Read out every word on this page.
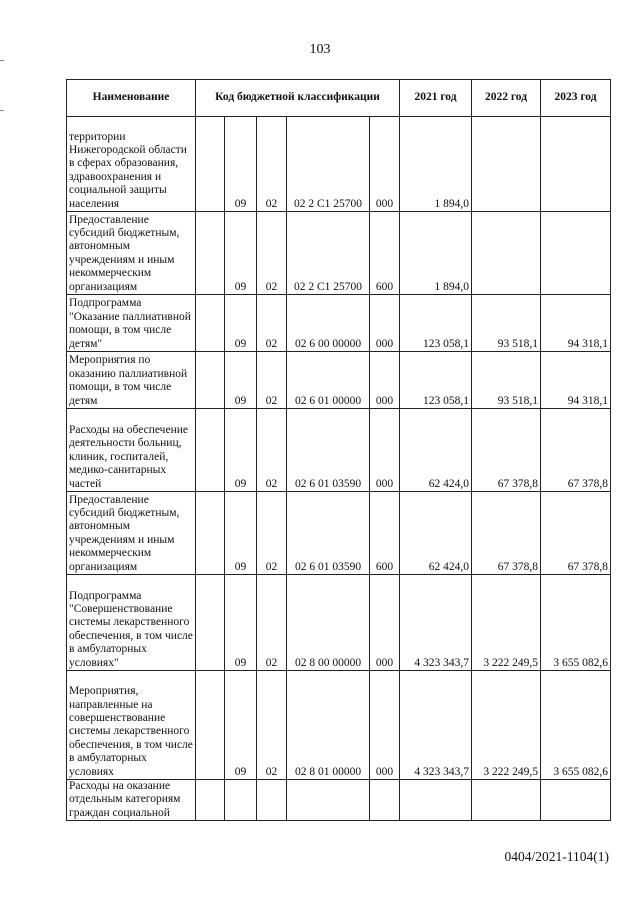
103
Наименование	Код бюджетной классификации					2021 год	2022 год	2023 год
территории Нижегородской области в сферах образования, здравоохранения и социальной защиты населения		09	02	02 2 С1 25700	000	1 894,0		
Предоставление субсидий бюджетным, автономным учреждениям и иным некоммерческим организациям		09	02	02 2 С1 25700	600	1 894,0		
Подпрограмма "Оказание паллиативной помощи, в том числе детям"		09	02	02 6 00 00000	000	123 058,1	93 518,1	94 318,1
Мероприятия по оказанию паллиативной помощи, в том числе детям		09	02	02 6 01 00000	000	123 058,1	93 518,1	94 318,1
Расходы на обеспечение деятельности больниц, клиник, госпиталей, медико-санитарных частей		09	02	02 6 01 03590	000	62 424,0	67 378,8	67 378,8
Предоставление субсидий бюджетным, автономным учреждениям и иным некоммерческим организациям		09	02	02 6 01 03590	600	62 424,0	67 378,8	67 378,8
Подпрограмма "Совершенствование системы лекарственного обеспечения, в том числе в амбулаторных условиях"		09	02	02 8 00 00000	000	4 323 343,7	3 222 249,5	3 655 082,6
Мероприятия, направленные на совершенствование системы лекарственного обеспечения, в том числе в амбулаторных условиях		09	02	02 8 01 00000	000	4 323 343,7	3 222 249,5	3 655 082,6
Расходы на оказание отдельным категориям граждан социальной								
0404/2021-1104(1)
